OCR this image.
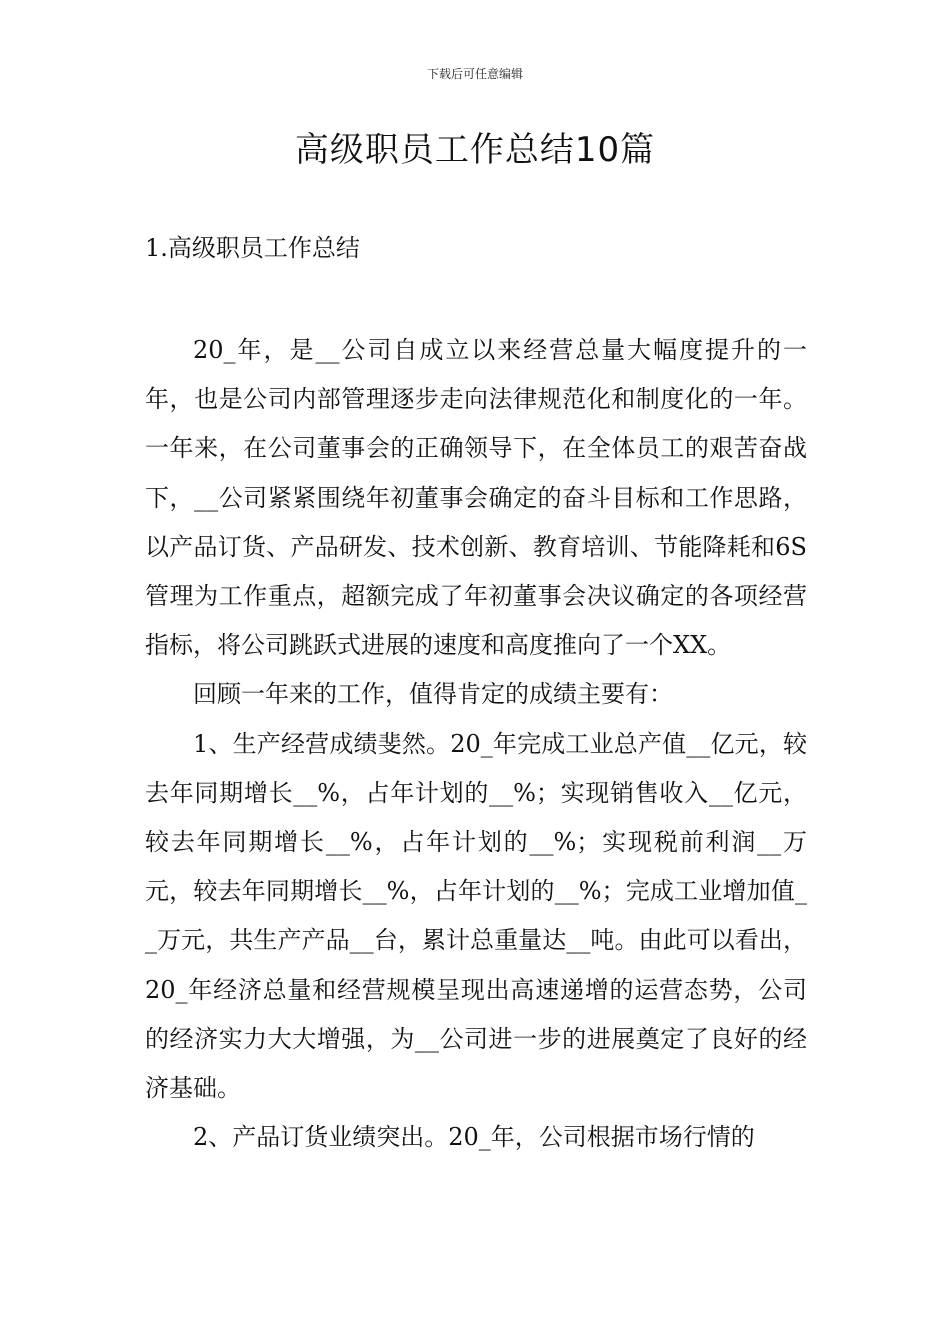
下载后可任意编辑
高级职员工作总结10篇
1.高级职员工作总结

20_年，是__公司自成立以来经营总量大幅度提升的一年，也是公司内部管理逐步走向法律规范化和制度化的一年。一年来，在公司董事会的正确领导下，在全体员工的艰苦奋战下，__公司紧紧围绕年初董事会确定的奋斗目标和工作思路，以产品订货、产品研发、技术创新、教育培训、节能降耗和6S管理为工作重点，超额完成了年初董事会决议确定的各项经营指标，将公司跳跃式进展的速度和高度推向了一个XX。

回顾一年来的工作，值得肯定的成绩主要有：

1、生产经营成绩斐然。20_年完成工业总产值__亿元，较去年同期增长__%，占年计划的__%；实现销售收入__亿元，较去年同期增长__%，占年计划的__%；实现税前利润__万元，较去年同期增长__%，占年计划的__%；完成工业增加值__万元，共生产产品__台，累计总重量达__吨。由此可以看出，20_年经济总量和经营规模呈现出高速递增的运营态势，公司的经济实力大大增强，为__公司进一步的进展奠定了良好的经济基础。

2、产品订货业绩突出。20_年，公司根据市场行情的
